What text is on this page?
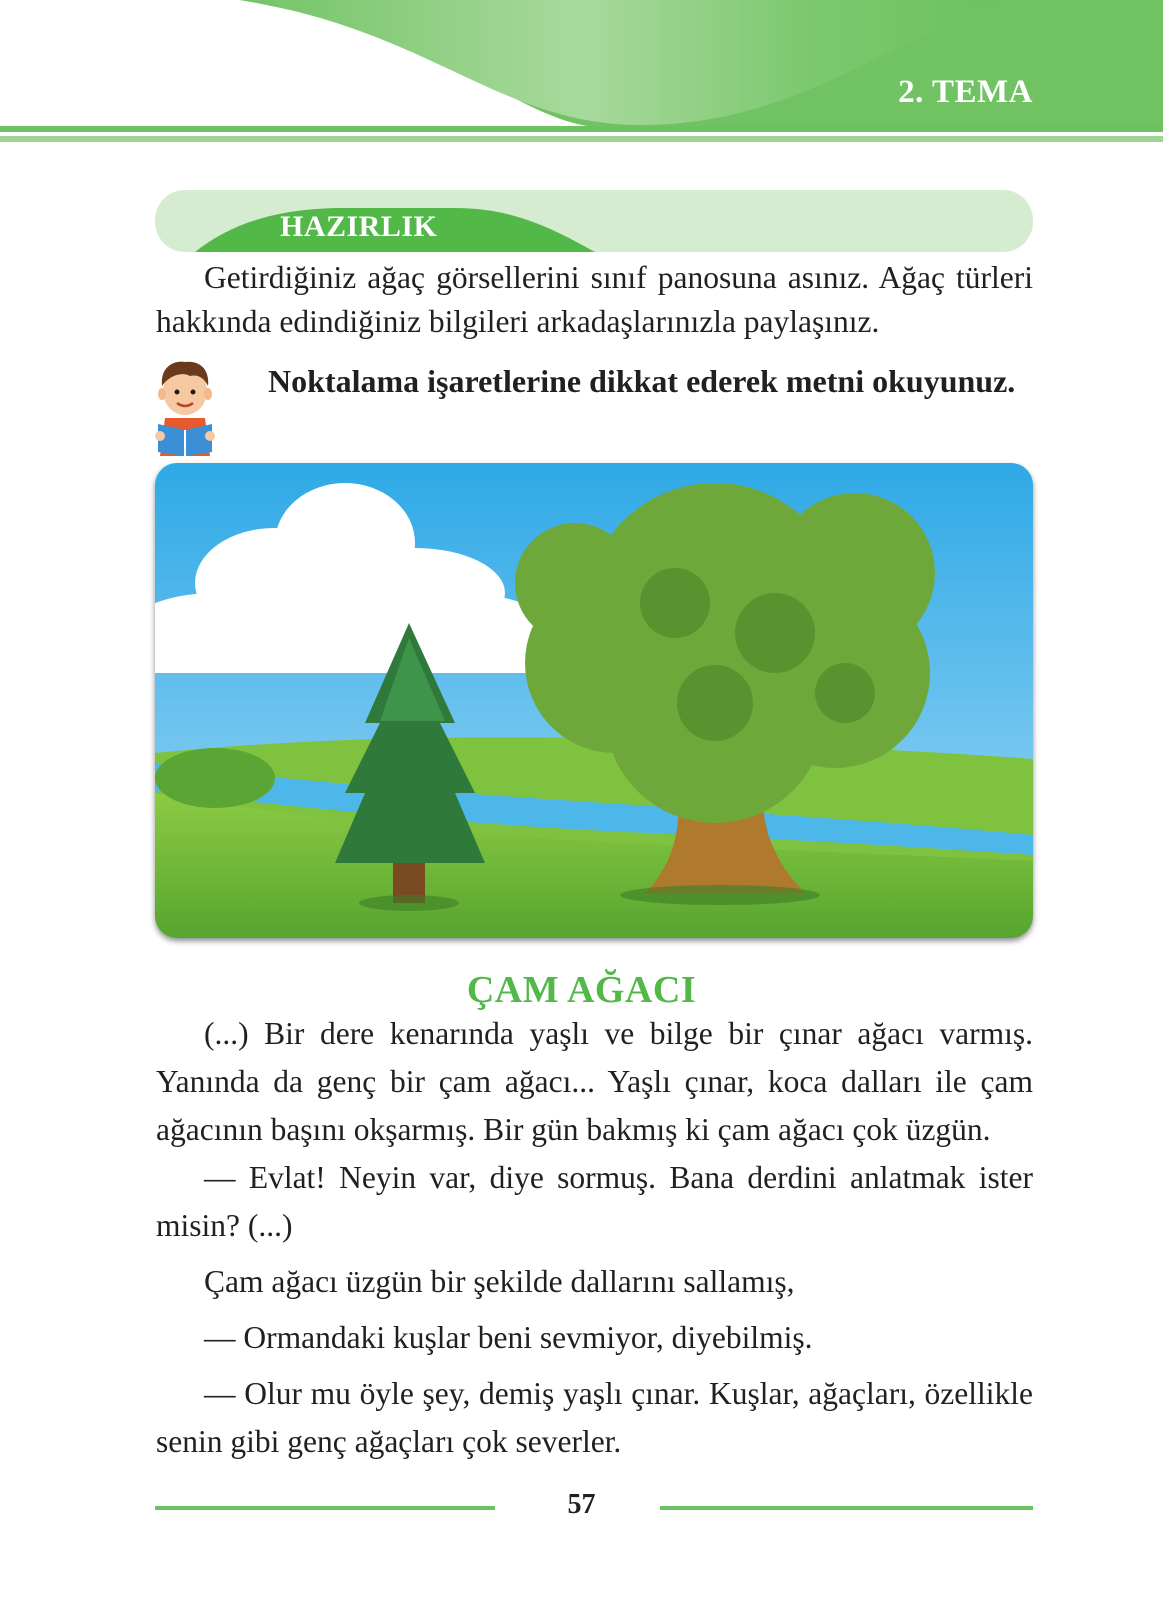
2. TEMA
HAZIRLIK

Getirdiğiniz ağaç görsellerini sınıf panosuna asınız. Ağaç türleri hakkında edindiğiniz bilgileri arkadaşlarınızla paylaşınız.

Noktalama işaretlerine dikkat ederek metni okuyunuz.

ÇAM AĞACI

(...) Bir dere kenarında yaşlı ve bilge bir çınar ağacı varmış. Yanında da genç bir çam ağacı... Yaşlı çınar, koca dalları ile çam ağacının başını okşarmış. Bir gün bakmış ki çam ağacı çok üzgün.

— Evlat! Neyin var, diye sormuş. Bana derdini anlatmak ister misin? (...)

Çam ağacı üzgün bir şekilde dallarını sallamış,

— Ormandaki kuşlar beni sevmiyor, diyebilmiş.

— Olur mu öyle şey, demiş yaşlı çınar. Kuşlar, ağaçları, özellikle senin gibi genç ağaçları çok severler.

57
